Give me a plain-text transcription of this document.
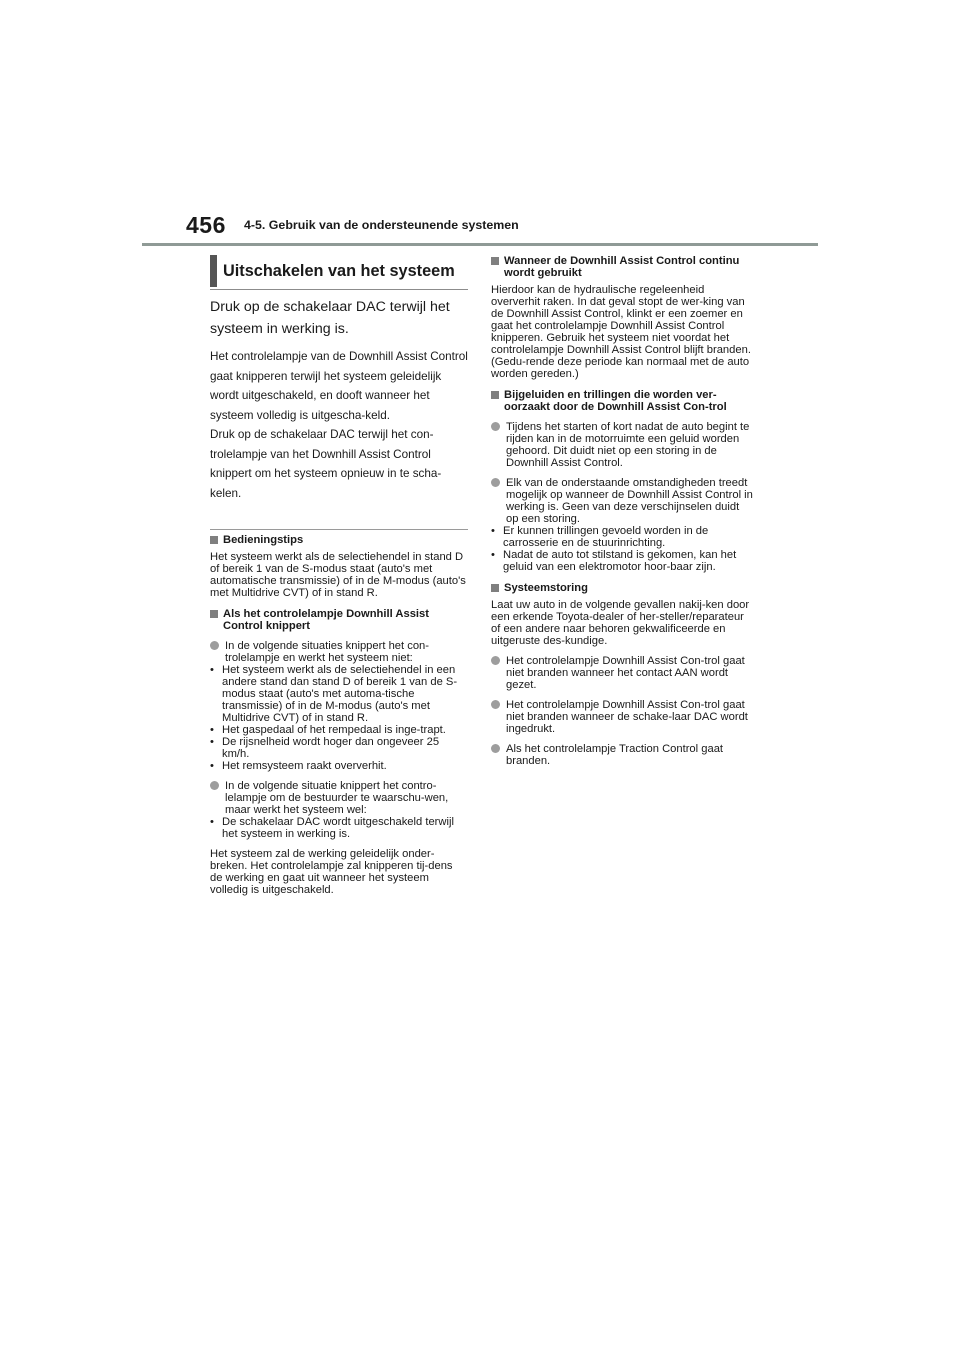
456 4-5. Gebruik van de ondersteunende systemen
Uitschakelen van het systeem

Druk op de schakelaar DAC terwijl het systeem in werking is.

Het controlelampje van de Downhill Assist Control gaat knipperen terwijl het systeem geleidelijk wordt uitgeschakeld, en dooft wanneer het systeem volledig is uitgescha-keld.

Druk op de schakelaar DAC terwijl het con-trolelampje van het Downhill Assist Control knippert om het systeem opnieuw in te scha-kelen.

Bedieningstips

Het systeem werkt als de selectiehendel in stand D of bereik 1 van de S-modus staat (auto's met automatische transmissie) of in de M-modus (auto's met Multidrive CVT) of in stand R.

Als het controlelampje Downhill Assist Control knippert
In de volgende situaties knippert het con-trolelampje en werkt het systeem niet:
• Het systeem werkt als de selectiehendel in een andere stand dan stand D of bereik 1 van de S-modus staat (auto's met automa-tische transmissie) of in de M-modus (auto's met Multidrive CVT) of in stand R.
• Het gaspedaal of het rempedaal is inge-trapt.
• De rijsnelheid wordt hoger dan ongeveer 25 km/h.
• Het remsysteem raakt oververhit.
In de volgende situatie knippert het contro-lelampje om de bestuurder te waarschu-wen, maar werkt het systeem wel:
• De schakelaar DAC wordt uitgeschakeld terwijl het systeem in werking is.

Het systeem zal de werking geleidelijk onder-breken. Het controlelampje zal knipperen tij-dens de werking en gaat uit wanneer het systeem volledig is uitgeschakeld.

Wanneer de Downhill Assist Control continu wordt gebruikt

Hierdoor kan de hydraulische regeleenheid oververhit raken. In dat geval stopt de wer-king van de Downhill Assist Control, klinkt er een zoemer en gaat het controlelampje Downhill Assist Control knipperen. Gebruik het systeem niet voordat het controlelampje Downhill Assist Control blijft branden. (Gedu-rende deze periode kan normaal met de auto worden gereden.)

Bijgeluiden en trillingen die worden ver-oorzaakt door de Downhill Assist Con-trol
Tijdens het starten of kort nadat de auto begint te rijden kan in de motorruimte een geluid worden gehoord. Dit duidt niet op een storing in de Downhill Assist Control.
Elk van de onderstaande omstandigheden treedt mogelijk op wanneer de Downhill Assist Control in werking is. Geen van deze verschijnselen duidt op een storing.
• Er kunnen trillingen gevoeld worden in de carrosserie en de stuurinrichting.
• Nadat de auto tot stilstand is gekomen, kan het geluid van een elektromotor hoor-baar zijn.
Systeemstoring

Laat uw auto in de volgende gevallen nakij-ken door een erkende Toyota-dealer of her-steller/reparateur of een andere naar behoren gekwalificeerde en uitgeruste des-kundige.

Het controlelampje Downhill Assist Con-trol gaat niet branden wanneer het contact AAN wordt gezet.
Het controlelampje Downhill Assist Con-trol gaat niet branden wanneer de schake-laar DAC wordt ingedrukt.
Als het controlelampje Traction Control gaat branden.
